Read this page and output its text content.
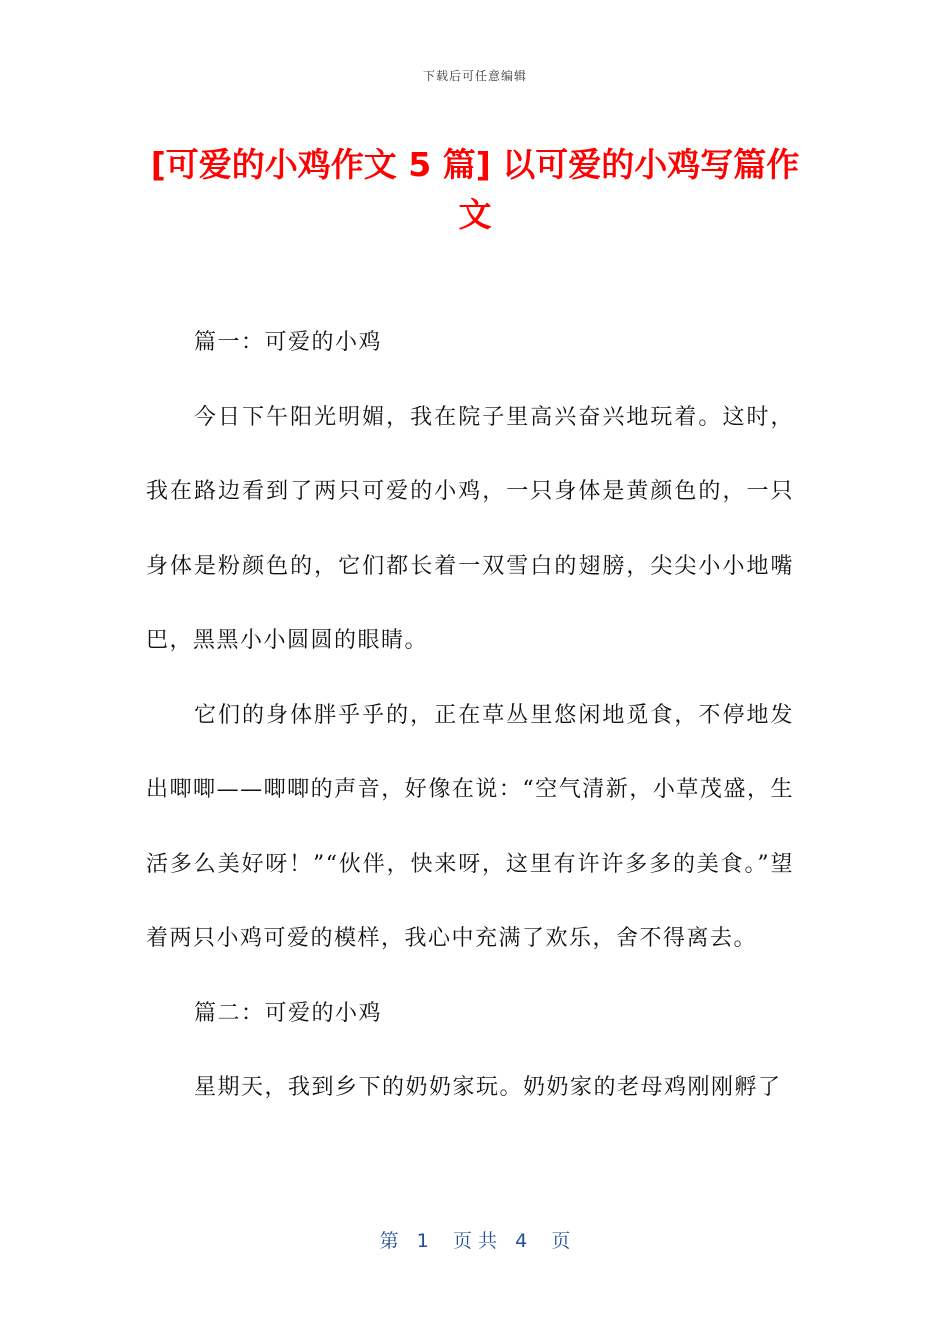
下载后可任意编辑
[可爱的小鸡作文 5 篇] 以可爱的小鸡写篇作文

篇一：可爱的小鸡

今日下午阳光明媚，我在院子里高兴奋兴地玩着。这时，我在路边看到了两只可爱的小鸡，一只身体是黄颜色的，一只身体是粉颜色的，它们都长着一双雪白的翅膀，尖尖小小地嘴巴，黑黑小小圆圆的眼睛。

它们的身体胖乎乎的，正在草丛里悠闲地觅食，不停地发出唧唧——唧唧的声音，好像在说：“空气清新，小草茂盛，生活多么美好呀！”“伙伴，快来呀，这里有许许多多的美食。”望着两只小鸡可爱的模样，我心中充满了欢乐，舍不得离去。

篇二：可爱的小鸡

星期天，我到乡下的奶奶家玩。奶奶家的老母鸡刚刚孵了

第   1    页 共   4    页
